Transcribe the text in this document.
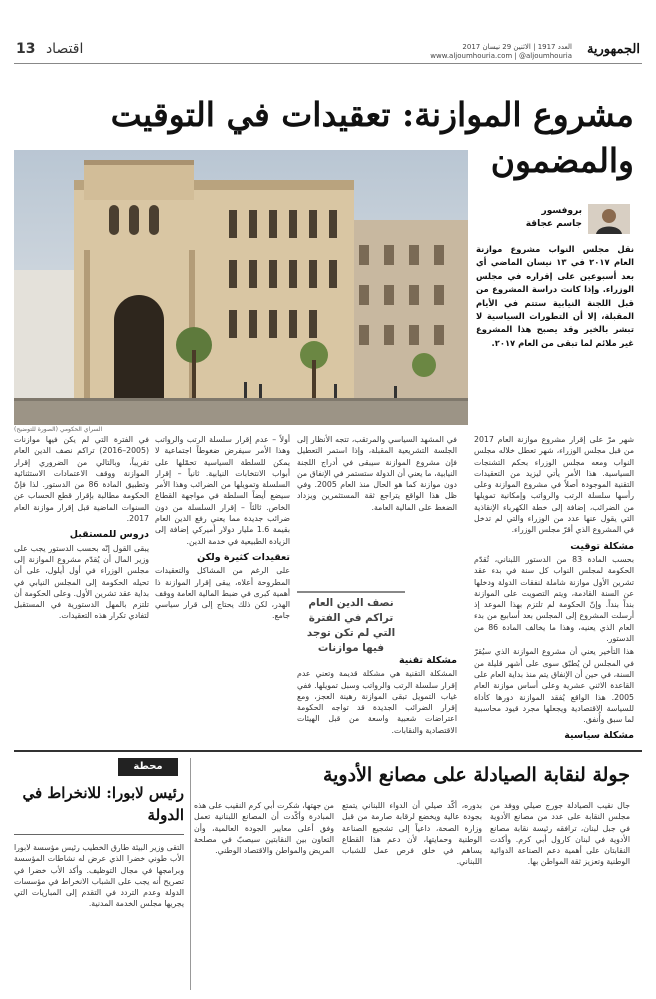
الجمهورية
العدد 1917 | الاثنين 29 نيسان 2017
www.aljoumhouria.com | @aljoumhouria
13 اقتصاد
مشروع الموازنة: تعقيدات في التوقيت والمضمون
السراي الحكومي (الصورة للتوضيح)
بروفسور
جاسم عجاقة

نقل مجلس النواب مشروع موازنة العام ٢٠١٧ في ١٣ نيسان الماضي أي بعد أسبوعين على إقراره في مجلس الوزراء. وإذا كانت دراسة المشروع من قبل اللجنة النيابية ستتم في الأيام المقبلة، إلا أن التطورات السياسية لا تبشر بالخير وقد يصبح هذا المشروع غير ملائم لما تبقى من العام ٢٠١٧.

شهر مرّ على إقرار مشروع موازنة العام 2017 من قبل مجلس الوزراء، شهر تعطل خلاله مجلس النواب ومعه مجلس الوزراء بحكم التشنجات السياسية. هذا الأمر يأتي ليزيد من التعقيدات التقنية الموجودة أصلاً في مشروع الموازنة وعلى رأسها سلسلة الرتب والرواتب وإمكانية تمويلها من الضرائب، إضافة إلى خطة الكهرباء الإنقاذية التي يقول عنها عدد من الوزراء والتي لم تدخل في المشروع الذي أقرّ مجلس الوزراء.

مشكلة توقيت

بحسب المادة 83 من الدستور اللبناني، تُقدّم الحكومة لمجلس النواب كل سنة في بدء عقد تشرين الأول موازنة شاملة لنفقات الدولة ودخلها عن السنة القادمة، ويتم التصويت على الموازنة بنداً بنداً. وإنّ الحكومة لم تلتزم بهذا الموعد إذ أرسلت المشروع إلى المجلس بعد أسابيع من بدء العام الذي يعنيه، وهذا ما يخالف المادة 86 من الدستور.

هذا التأخير يعني أن مشروع الموازنة الذي سيُقرّ في المجلس لن يُطبّق سوى على أشهر قليلة من السنة، في حين أن الإنفاق يتم منذ بداية العام على القاعدة الاثني عشرية وعلى أساس موازنة العام 2005. هذا الواقع يُفقد الموازنة دورها كأداة للسياسة الاقتصادية ويجعلها مجرد قيود محاسبية لما سبق وأُنفق.

مشكلة سياسية

في المشهد السياسي والمرتقب، تتجه الأنظار إلى الجلسة التشريعية المقبلة، وإذا استمر التعطيل فإن مشروع الموازنة سيبقى في أدراج اللجنة النيابية، ما يعني أن الدولة ستستمر في الإنفاق من دون موازنة كما هو الحال منذ العام 2005. وفي ظل هذا الواقع يتراجع ثقة المستثمرين ويزداد الضغط على المالية العامة.

نصف الدين العام تراكم في الفترة التي لم تكن توجد فيها موازنات
مشكلة تقنية

المشكلة التقنية هي مشكلة قديمة وتعني عدم إقرار سلسلة الرتب والرواتب وسبل تمويلها. ففي غياب التمويل تبقى الموازنة رهينة العجز، ومع إقرار الضرائب الجديدة قد تواجه الحكومة اعتراضات شعبية واسعة من قبل الهيئات الاقتصادية والنقابات.

أولاً – عدم إقرار سلسلة الرتب والرواتب وهذا الأمر سيفرض ضغوطاً اجتماعية لا يمكن للسلطة السياسية تحمّلها على أبواب الانتخابات النيابية. ثانياً – إقرار السلسلة وتمويلها من الضرائب وهذا الأمر سيضع أيضاً السلطة في مواجهة القطاع الخاص. ثالثاً – إقرار السلسلة من دون ضرائب جديدة مما يعني رفع الدين العام بقيمة 1.6 مليار دولار أميركي إضافة إلى الزيادة الطبيعية في خدمة الدين.

تعقيدات كثيرة ولكن

على الرغم من المشاكل والتعقيدات المطروحة أعلاه، يبقى إقرار الموازنة ذا أهمية كبرى في ضبط المالية العامة ووقف الهدر، لكن ذلك يحتاج إلى قرار سياسي جامع.

في الفترة التي لم يكن فيها موازنات (2005–2016) تراكم نصف الدين العام تقريباً، وبالتالي من الضروري إقرار الموازنة ووقف الاعتمادات الاستثنائية وتطبيق المادة 86 من الدستور. لذا فإنّ الحكومة مطالبة بإقرار قطع الحساب عن السنوات الماضية قبل إقرار موازنة العام 2017.

دروس للمستقبل

يبقى القول إنّه بحسب الدستور يجب على وزير المال أن يُقدّم مشروع الموازنة إلى مجلس الوزراء في أول أيلول، على أن تحيله الحكومة إلى المجلس النيابي في بداية عقد تشرين الأول. وعلى الحكومة أن تلتزم بالمهل الدستورية في المستقبل لتفادي تكرار هذه التعقيدات.

جولة لنقابة الصيادلة على مصانع الأدوية

جال نقيب الصيادلة جورج صيلي ووفد من مجلس النقابة على عدد من مصانع الأدوية في جبل لبنان، ترافقه رئيسة نقابة مصانع الأدوية في لبنان كارول أبي كرم. وأكدت النقابتان على أهمية دعم الصناعة الدوائية الوطنية وتعزيز ثقة المواطن بها.

بدوره، أكّد صيلي أن الدواء اللبناني يتمتع بجودة عالية ويخضع لرقابة صارمة من قبل وزارة الصحة، داعياً إلى تشجيع الصناعة الوطنية وحمايتها، لأن دعم هذا القطاع يساهم في خلق فرص عمل للشباب اللبناني.

من جهتها، شكرت أبي كرم النقيب على هذه المبادرة وأكّدت أن المصانع اللبنانية تعمل وفق أعلى معايير الجودة العالمية، وأن التعاون بين النقابتين سيصبّ في مصلحة المريض والمواطن والاقتصاد الوطني.

محطة
رئيس لابورا: للانخراط في الدولة

التقى وزير البيئة طارق الخطيب رئيس مؤسسة لابورا الأب طوني خضرا الذي عرض له نشاطات المؤسسة وبرامجها في مجال التوظيف. وأكد الأب خضرا في تصريح أنه يجب على الشباب الانخراط في مؤسسات الدولة وعدم التردد في التقدم إلى المباريات التي يجريها مجلس الخدمة المدنية.
